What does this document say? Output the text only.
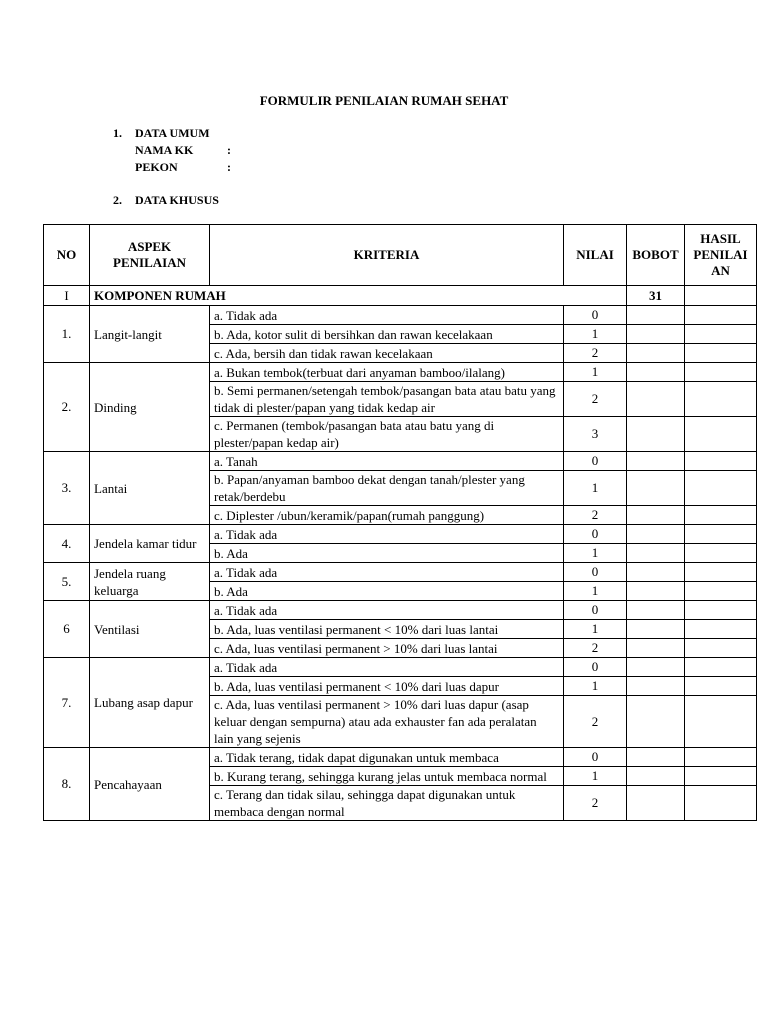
FORMULIR PENILAIAN RUMAH SEHAT
1.	DATA UMUM
NAMA KK	:
PEKON	:
2.	DATA KHUSUS
NO	ASPEK PENILAIAN	KRITERIA	NILAI	BOBOT	HASIL PENILAI AN
I	KOMPONEN RUMAH			31	
1.	Langit-langit	a. Tidak ada	0		
		b. Ada, kotor sulit di bersihkan dan rawan kecelakaan	1		
		c. Ada, bersih dan tidak rawan kecelakaan	2		
2.	Dinding	a. Bukan tembok(terbuat dari anyaman bamboo/ilalang)	1		
		b. Semi permanen/setengah tembok/pasangan bata atau batu yang tidak di plester/papan yang tidak kedap air	2		
		c. Permanen (tembok/pasangan bata atau batu yang di plester/papan kedap air)	3		
3.	Lantai	a. Tanah	0		
		b. Papan/anyaman bamboo dekat dengan tanah/plester yang retak/berdebu	1		
		c. Diplester /ubun/keramik/papan(rumah panggung)	2		
4.	Jendela kamar tidur	a. Tidak ada	0		
		b. Ada	1		
5.	Jendela ruang keluarga	a. Tidak ada	0		
		b. Ada	1		
6	Ventilasi	a. Tidak ada	0		
		b. Ada, luas ventilasi permanent < 10% dari luas lantai	1		
		c. Ada, luas ventilasi permanent > 10% dari luas lantai	2		
7.	Lubang asap dapur	a. Tidak ada	0		
		b. Ada, luas ventilasi permanent < 10% dari luas dapur	1		
		c. Ada, luas ventilasi permanent > 10% dari luas dapur (asap keluar dengan sempurna) atau ada exhauster fan ada peralatan lain yang sejenis	2		
8.	Pencahayaan	a. Tidak terang, tidak dapat digunakan untuk membaca	0		
		b. Kurang terang, sehingga kurang jelas untuk membaca normal	1		
		c. Terang dan tidak silau, sehingga dapat digunakan untuk membaca dengan normal	2		
